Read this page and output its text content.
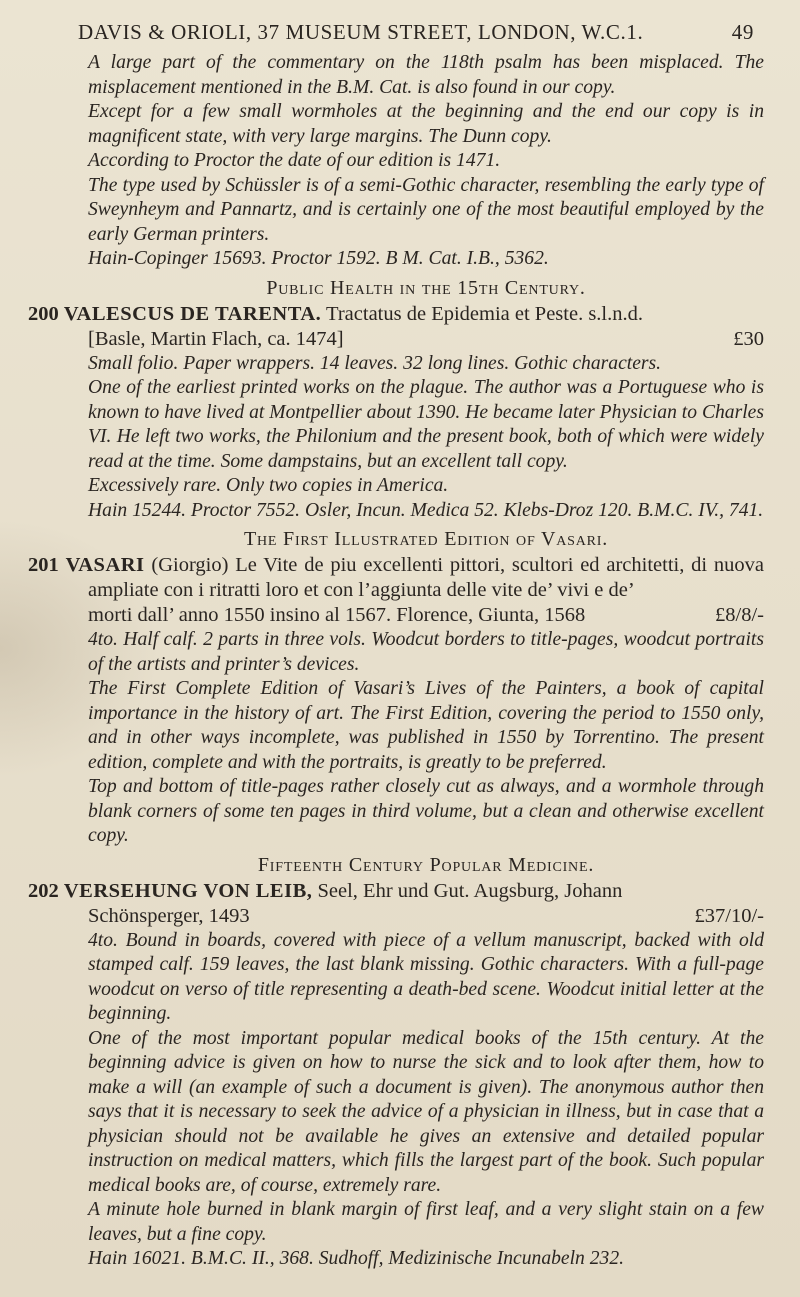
DAVIS & ORIOLI, 37 MUSEUM STREET, LONDON, W.C.1.	49

A large part of the commentary on the 118th psalm has been misplaced. The misplacement mentioned in the B.M. Cat. is also found in our copy.

Except for a few small wormholes at the beginning and the end our copy is in magnificent state, with very large margins. The Dunn copy.

According to Proctor the date of our edition is 1471.

The type used by Schüssler is of a semi-Gothic character, resembling the early type of Sweynheym and Pannartz, and is certainly one of the most beautiful employed by the early German printers.

Hain-Copinger 15693. Proctor 1592. B M. Cat. I.B., 5362.

Public Health in the 15th Century.

200 VALESCUS DE TARENTA. Tractatus de Epidemia et Peste. s.l.n.d.

[Basle, Martin Flach, ca. 1474]	£30

Small folio. Paper wrappers. 14 leaves. 32 long lines. Gothic characters.

One of the earliest printed works on the plague. The author was a Portuguese who is known to have lived at Montpellier about 1390. He became later Physician to Charles VI. He left two works, the Philonium and the present book, both of which were widely read at the time. Some dampstains, but an excellent tall copy.

Excessively rare. Only two copies in America.

Hain 15244. Proctor 7552. Osler, Incun. Medica 52. Klebs-Droz 120. B.M.C. IV., 741.

The First Illustrated Edition of Vasari.

201 VASARI (Giorgio) Le Vite de piu excellenti pittori, scultori ed architetti, di nuova ampliate con i ritratti loro et con l’aggiunta delle vite de’ vivi e de’

morti dall’ anno 1550 insino al 1567. Florence, Giunta, 1568	£8/8/-

4to. Half calf. 2 parts in three vols. Woodcut borders to title-pages, woodcut portraits of the artists and printer’s devices.

The First Complete Edition of Vasari’s Lives of the Painters, a book of capital importance in the history of art. The First Edition, covering the period to 1550 only, and in other ways incomplete, was published in 1550 by Torrentino. The present edition, complete and with the portraits, is greatly to be preferred.

Top and bottom of title-pages rather closely cut as always, and a wormhole through blank corners of some ten pages in third volume, but a clean and otherwise excellent copy.

Fifteenth Century Popular Medicine.

202 VERSEHUNG VON LEIB, Seel, Ehr und Gut. Augsburg, Johann

Schönsperger, 1493	£37/10/-

4to. Bound in boards, covered with piece of a vellum manuscript, backed with old stamped calf. 159 leaves, the last blank missing. Gothic characters. With a full-page woodcut on verso of title representing a death-bed scene. Woodcut initial letter at the beginning.

One of the most important popular medical books of the 15th century. At the beginning advice is given on how to nurse the sick and to look after them, how to make a will (an example of such a document is given). The anonymous author then says that it is necessary to seek the advice of a physician in illness, but in case that a physician should not be available he gives an extensive and detailed popular instruction on medical matters, which fills the largest part of the book. Such popular medical books are, of course, extremely rare.

A minute hole burned in blank margin of first leaf, and a very slight stain on a few leaves, but a fine copy.

Hain 16021. B.M.C. II., 368. Sudhoff, Medizinische Incunabeln 232.
